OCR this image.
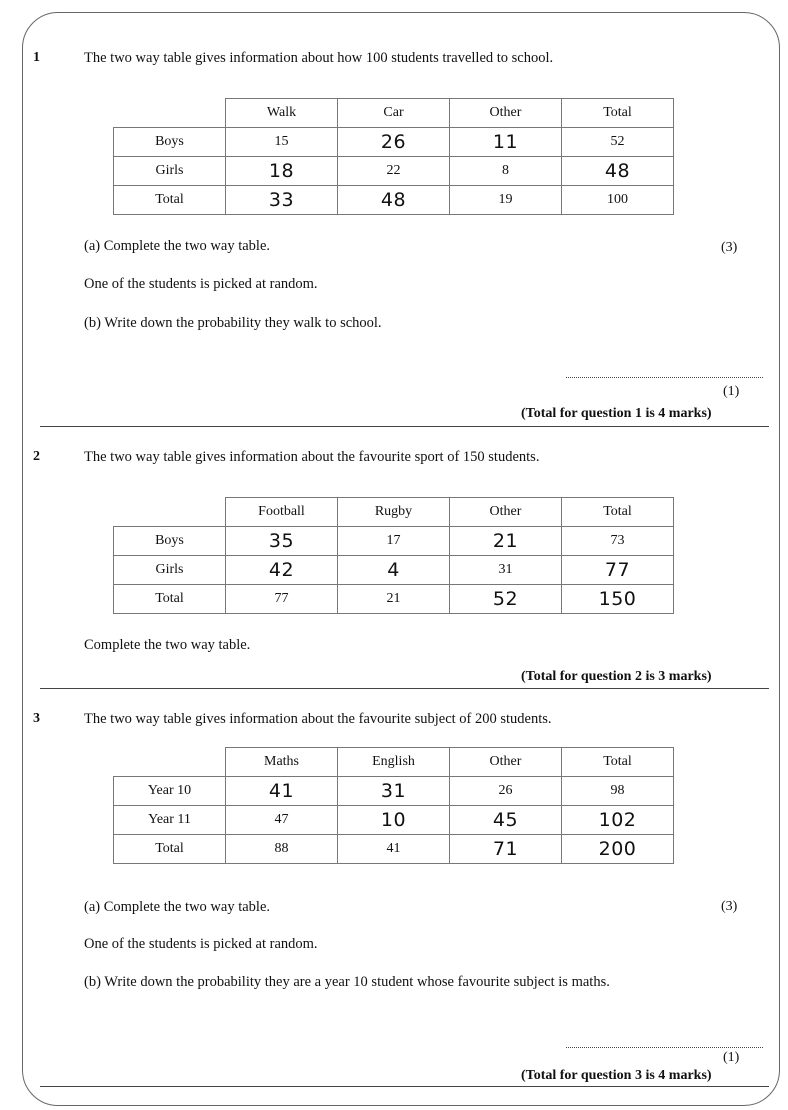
1	The two way table gives information about how 100 students travelled to school.
	Walk	Car	Other	Total
Boys	15	26	11	52
Girls	18	22	8	48
Total	33	48	19	100
(a) Complete the two way table.	(3)
One of the students is picked at random.
(b) Write down the probability they walk to school.
(1)
(Total for question 1 is 4 marks)
2	The two way table gives information about the favourite sport of 150 students.
	Football	Rugby	Other	Total
Boys	35	17	21	73
Girls	42	4	31	77
Total	77	21	52	150
Complete the two way table.
(Total for question 2 is 3 marks)
3	The two way table gives information about the favourite subject of 200 students.
	Maths	English	Other	Total
Year 10	41	31	26	98
Year 11	47	10	45	102
Total	88	41	71	200
(a) Complete the two way table.	(3)
One of the students is picked at random.
(b) Write down the probability they are a year 10 student whose favourite subject is maths.
(1)
(Total for question 3 is 4 marks)
